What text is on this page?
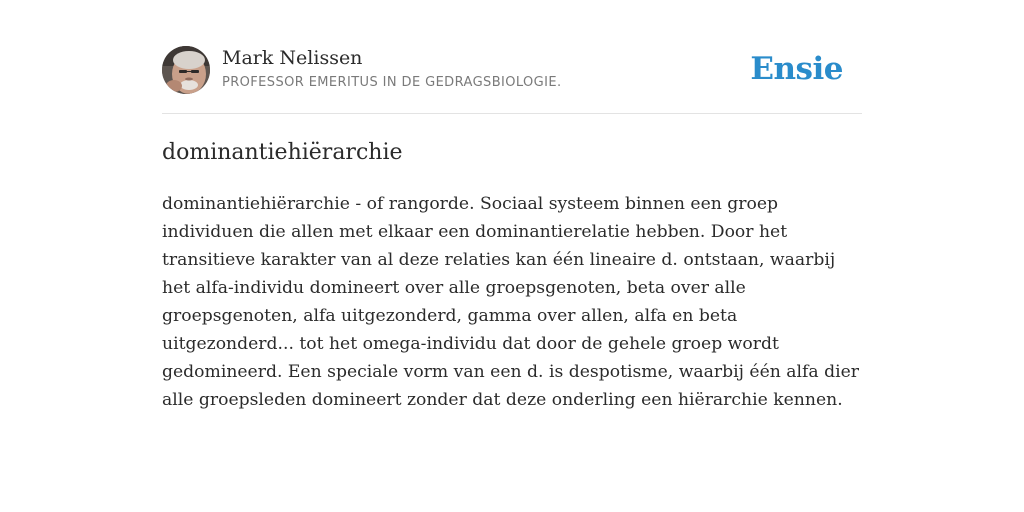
Mark Nelissen
PROFESSOR EMERITUS IN DE GEDRAGSBIOLOGIE.	Ensie
dominantiehiërarchie

dominantiehiërarchie - of rangorde. Sociaal systeem binnen een groep individuen die allen met elkaar een dominantierelatie hebben. Door het transitieve karakter van al deze relaties kan één lineaire d. ontstaan, waarbij het alfa-individu domineert over alle groepsgenoten, beta over alle groepsgenoten, alfa uitgezonderd, gamma over allen, alfa en beta uitgezonderd... tot het omega-individu dat door de gehele groep wordt gedomineerd. Een speciale vorm van een d. is despotisme, waarbij één alfa dier alle groepsleden domineert zonder dat deze onderling een hiërarchie kennen.
